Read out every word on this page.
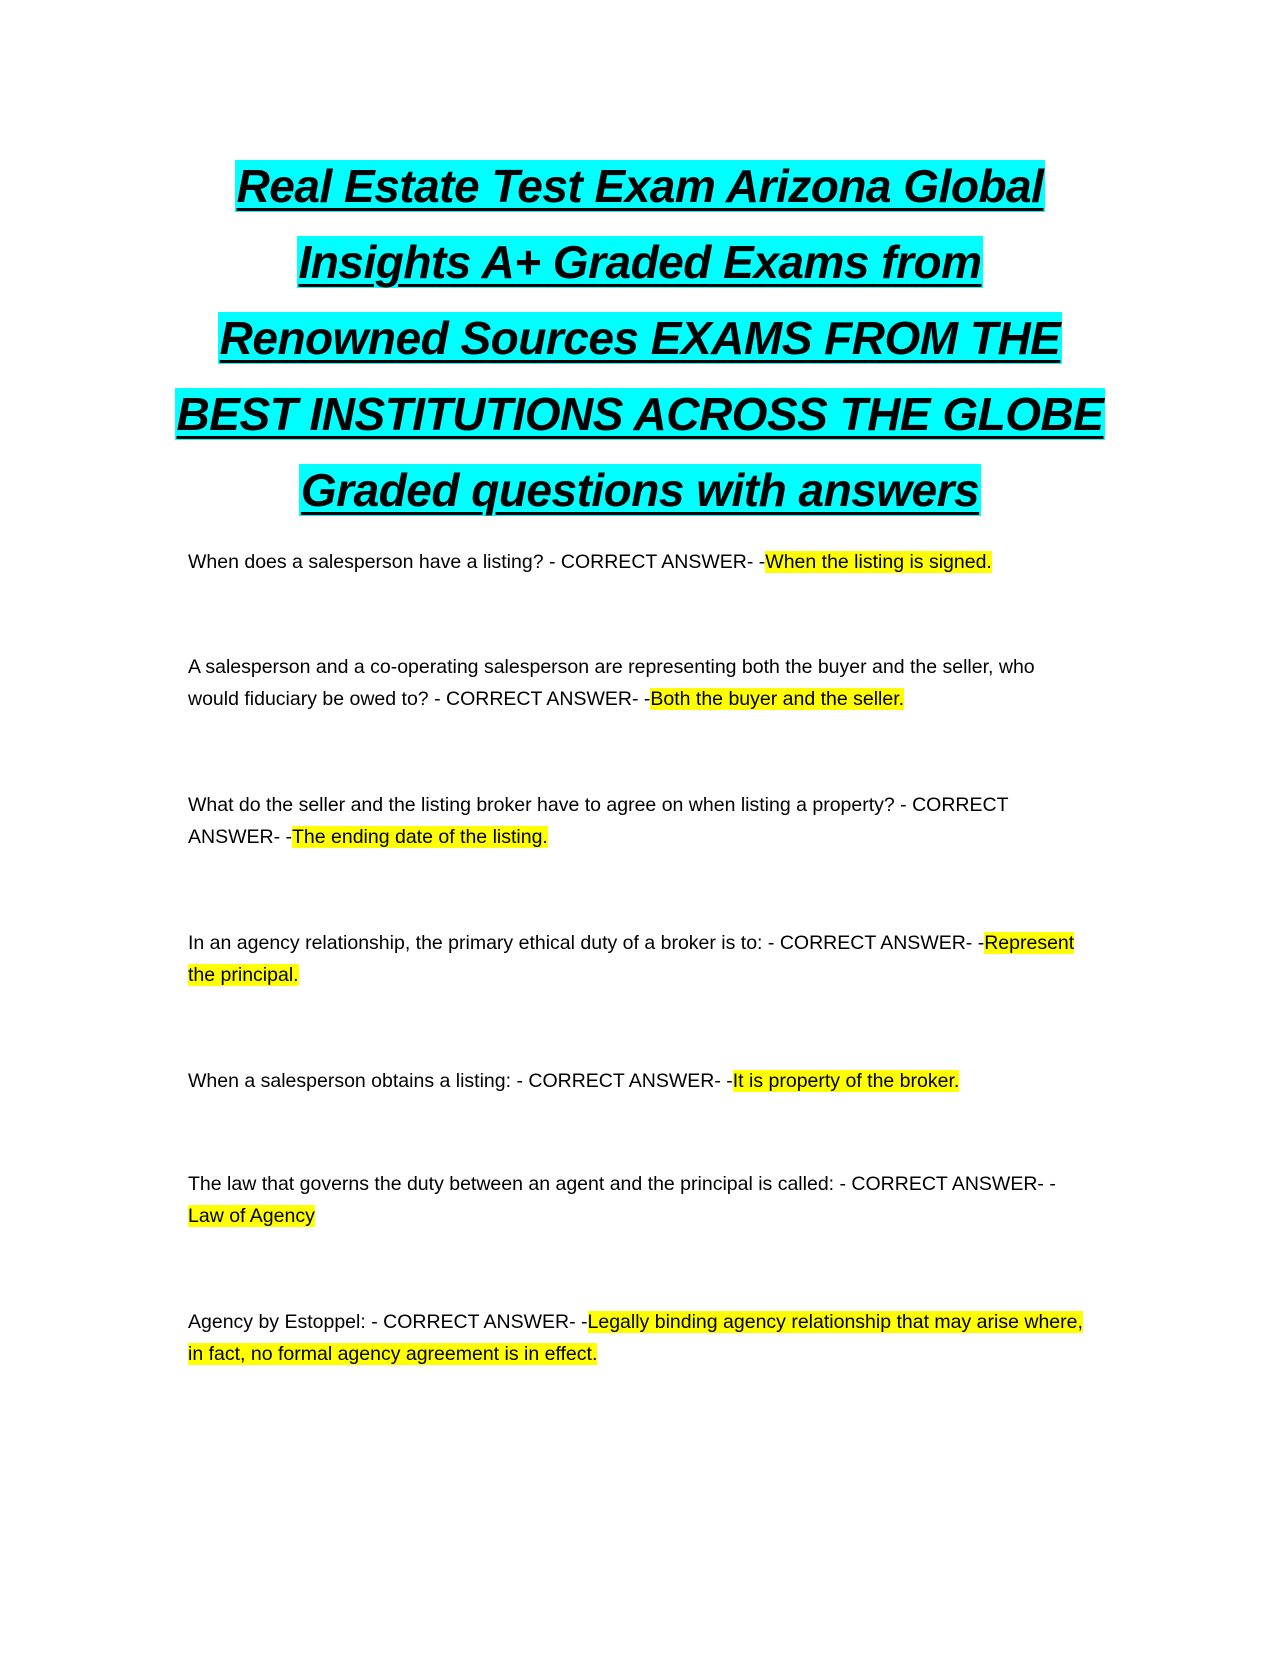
Real Estate Test Exam Arizona Global
Insights A+ Graded Exams from
Renowned Sources EXAMS FROM THE
BEST INSTITUTIONS ACROSS THE GLOBE
Graded questions with answers

When does a salesperson have a listing? - CORRECT ANSWER- -When the listing is signed.

A salesperson and a co-operating salesperson are representing both the buyer and the seller, who would fiduciary be owed to? - CORRECT ANSWER- -Both the buyer and the seller.

What do the seller and the listing broker have to agree on when listing a property? - CORRECT ANSWER- -The ending date of the listing.

In an agency relationship, the primary ethical duty of a broker is to: - CORRECT ANSWER- -Represent the principal.

When a salesperson obtains a listing: - CORRECT ANSWER- -It is property of the broker.

The law that governs the duty between an agent and the principal is called: - CORRECT ANSWER- -Law of Agency

Agency by Estoppel: - CORRECT ANSWER- -Legally binding agency relationship that may arise where, in fact, no formal agency agreement is in effect.
